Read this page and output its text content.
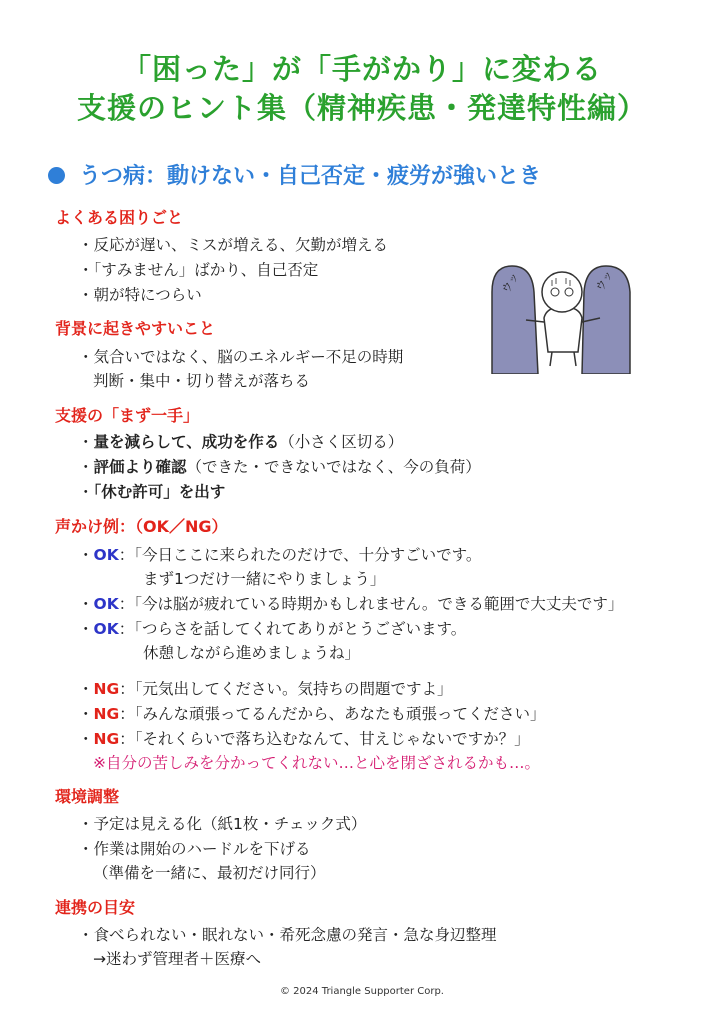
「困った」が「手がかり」に変わる
支援のヒント集（精神疾患・発達特性編）
うつ病：動けない・自己否定・疲労が強いとき
よくある困りごと
・反応が遅い、ミスが増える、欠勤が増える
・「すみません」ばかり、自己否定
・朝が特につらい	ウッ	ウッ
背景に起きやすいこと
・気合いではなく、脳のエネルギー不足の時期
判断・集中・切り替えが落ちる
支援の「まず一手」
・量を減らして、成功を作る（小さく区切る）
・評価より確認（できた・できないではなく、今の負荷）
・「休む許可」を出す
声かけ例：（OK／NG）
・OK：「今日ここに来られたのだけで、十分すごいです。
まず1つだけ一緒にやりましょう」
・OK：「今は脳が疲れている時期かもしれません。できる範囲で大丈夫です」
・OK：「つらさを話してくれてありがとうございます。
休憩しながら進めましょうね」
・NG：「元気出してください。気持ちの問題ですよ」
・NG：「みんな頑張ってるんだから、あなたも頑張ってください」
・NG：「それくらいで落ち込むなんて、甘えじゃないですか？」
※自分の苦しみを分かってくれない…と心を閉ざされるかも…。
環境調整
・予定は見える化（紙1枚・チェック式）
・作業は開始のハードルを下げる
（準備を一緒に、最初だけ同行）
連携の目安
・食べられない・眠れない・希死念慮の発言・急な身辺整理
→迷わず管理者＋医療へ
© 2024 Triangle Supporter Corp.
